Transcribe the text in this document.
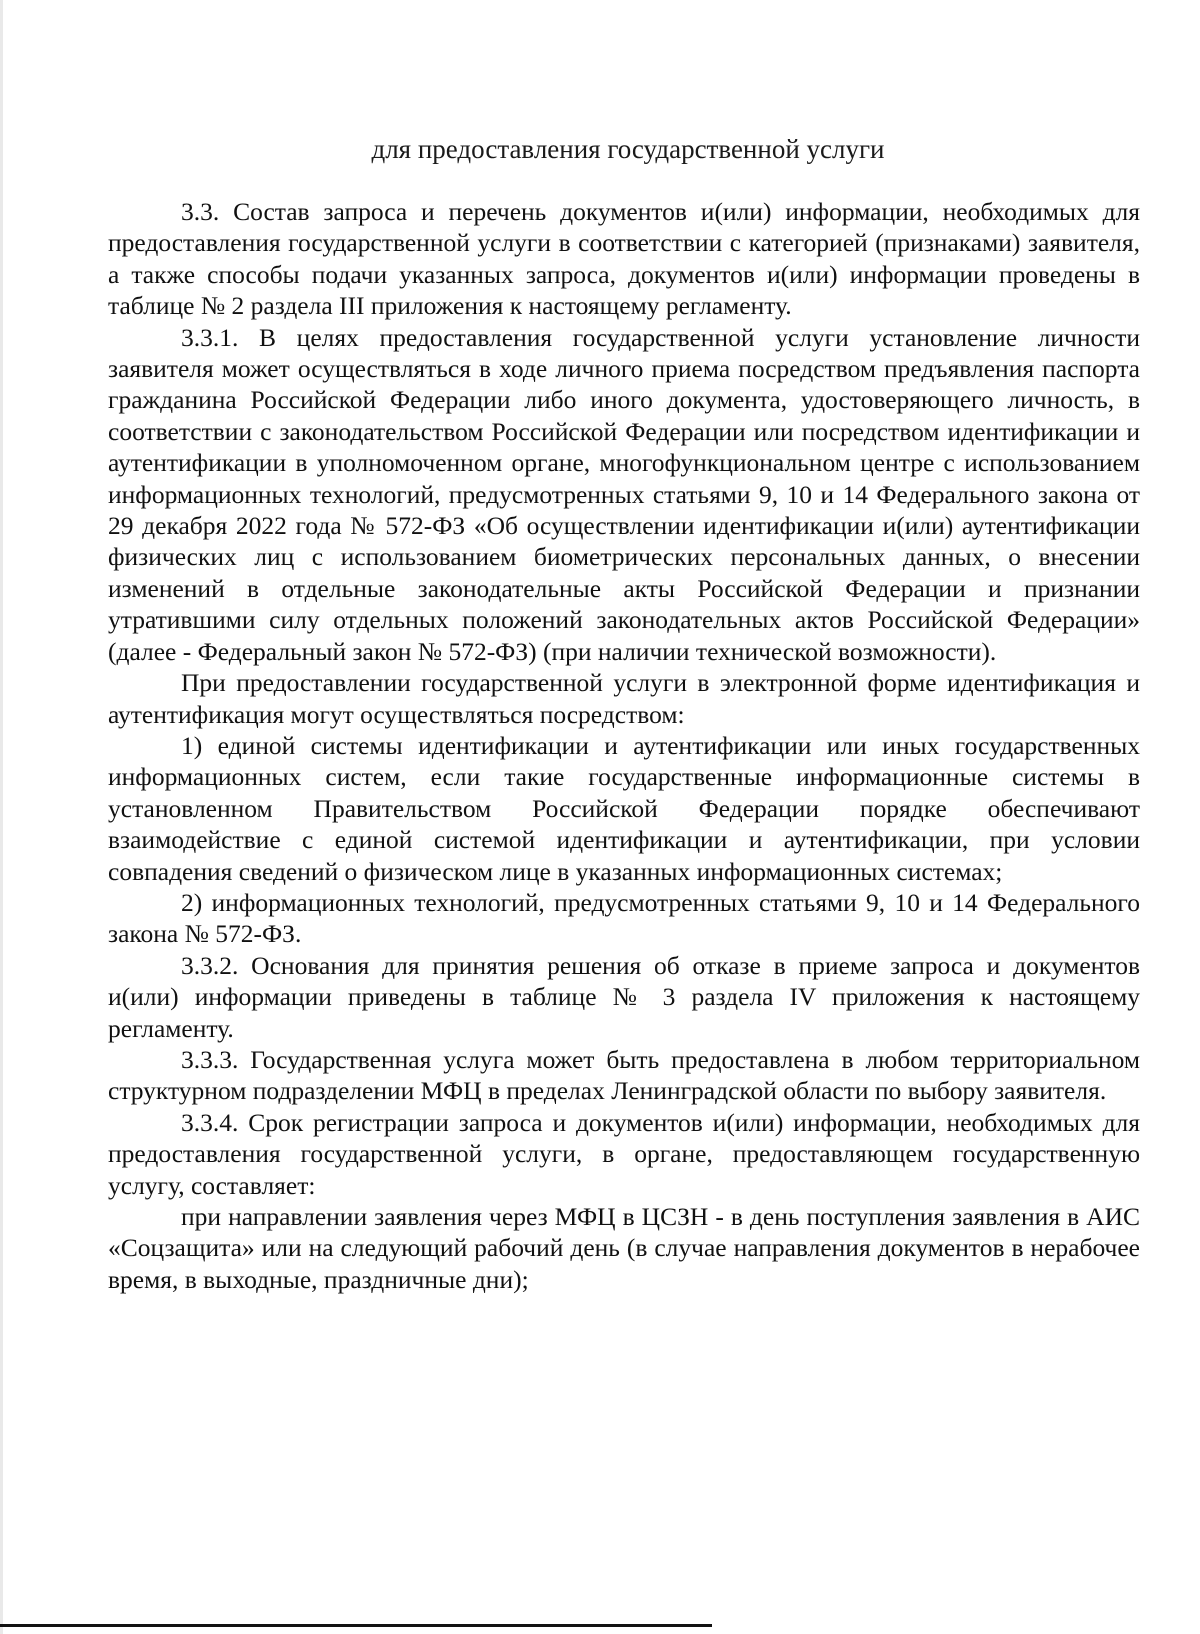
для предоставления государственной услуги

3.3. Состав запроса и перечень документов и(или) информации, необходимых для предоставления государственной услуги в соответствии с категорией (признаками) заявителя, а также способы подачи указанных запроса, документов и(или) информации проведены в таблице № 2 раздела III приложения к настоящему регламенту.

3.3.1. В целях предоставления государственной услуги установление личности заявителя может осуществляться в ходе личного приема посредством предъявления паспорта гражданина Российской Федерации либо иного документа, удостоверяющего личность, в соответствии с законодательством Российской Федерации или посредством идентификации и аутентификации в уполномоченном органе, многофункциональном центре с использованием информационных технологий, предусмотренных статьями 9, 10 и 14 Федерального закона от 29 декабря 2022 года № 572-ФЗ «Об осуществлении идентификации и(или) аутентификации физических лиц с использованием биометрических персональных данных, о внесении изменений в отдельные законодательные акты Российской Федерации и признании утратившими силу отдельных положений законодательных актов Российской Федерации» (далее - Федеральный закон № 572-ФЗ) (при наличии технической возможности).

При предоставлении государственной услуги в электронной форме идентификация и аутентификация могут осуществляться посредством:

1) единой системы идентификации и аутентификации или иных государственных информационных систем, если такие государственные информационные системы в установленном Правительством Российской Федерации порядке обеспечивают взаимодействие с единой системой идентификации и аутентификации, при условии совпадения сведений о физическом лице в указанных информационных системах;

2) информационных технологий, предусмотренных статьями 9, 10 и 14 Федерального закона № 572-ФЗ.

3.3.2. Основания для принятия решения об отказе в приеме запроса и документов и(или) информации приведены в таблице № 3 раздела IV приложения к настоящему регламенту.

3.3.3. Государственная услуга может быть предоставлена в любом территориальном структурном подразделении МФЦ в пределах Ленинградской области по выбору заявителя.

3.3.4. Срок регистрации запроса и документов и(или) информации, необходимых для предоставления государственной услуги, в органе, предоставляющем государственную услугу, составляет:

при направлении заявления через МФЦ в ЦСЗН - в день поступления заявления в АИС «Соцзащита» или на следующий рабочий день (в случае направления документов в нерабочее время, в выходные, праздничные дни);
